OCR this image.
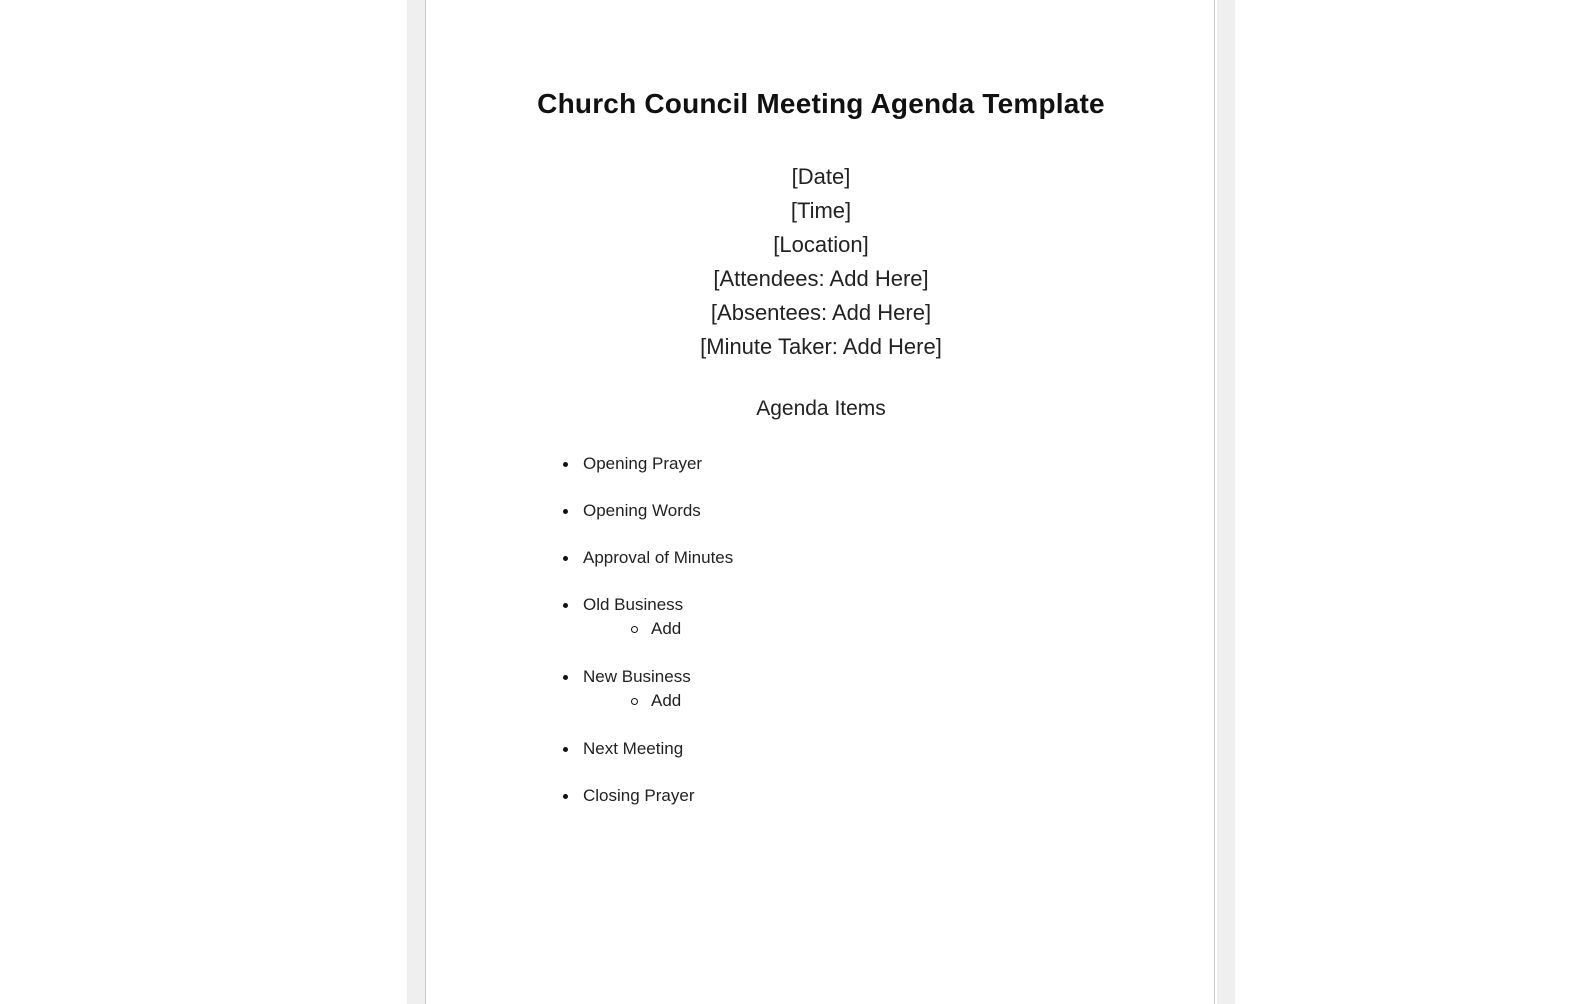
Church Council Meeting Agenda Template
[Date]
[Time]
[Location]
[Attendees: Add Here]
[Absentees: Add Here]
[Minute Taker: Add Here]
Agenda Items
Opening Prayer
Opening Words
Approval of Minutes
Old Business
Add
New Business
Add
Next Meeting
Closing Prayer
